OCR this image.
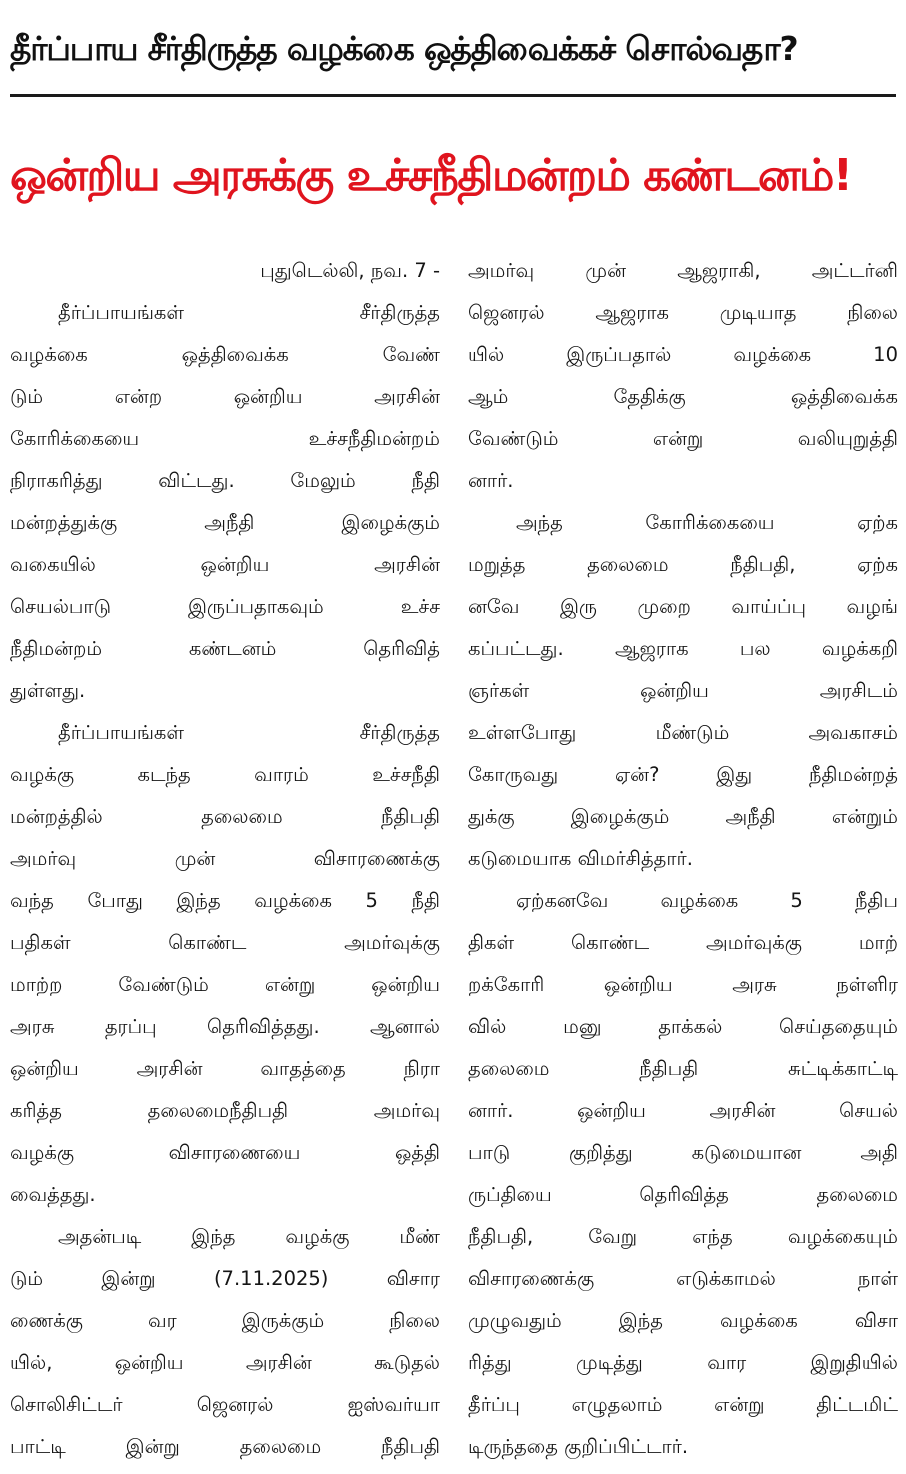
தீர்ப்பாய சீர்திருத்த வழக்கை ஒத்திவைக்கச் சொல்வதா?
ஒன்றிய அரசுக்கு உச்சநீதிமன்றம் கண்டனம்!
புதுடெல்லி, நவ. 7 -
தீர்ப்பாயங்கள் சீர்திருத்த
வழக்கை ஒத்திவைக்க வேண்
டும் என்ற ஒன்றிய அரசின்
கோரிக்கையை உச்சநீதிமன்றம்
நிராகரித்து விட்டது. மேலும் நீதி
மன்றத்துக்கு அநீதி இழைக்கும்
வகையில் ஒன்றிய அரசின்
செயல்பாடு இருப்பதாகவும் உச்ச
நீதிமன்றம் கண்டனம் தெரிவித்
துள்ளது.
தீர்ப்பாயங்கள் சீர்திருத்த
வழக்கு கடந்த வாரம் உச்சநீதி
மன்றத்தில் தலைமை நீதிபதி
அமர்வு முன் விசாரணைக்கு
வந்த போது இந்த வழக்கை 5 நீதி
பதிகள் கொண்ட அமர்வுக்கு
மாற்ற வேண்டும் என்று ஒன்றிய
அரசு தரப்பு தெரிவித்தது. ஆனால்
ஒன்றிய அரசின் வாதத்தை நிரா
கரித்த தலைமைநீதிபதி அமர்வு
வழக்கு விசாரணையை ஒத்தி
வைத்தது.
அதன்படி இந்த வழக்கு மீண்
டும் இன்று (7.11.2025) விசார
ணைக்கு வர இருக்கும் நிலை
யில், ஒன்றிய அரசின் கூடுதல்
சொலிசிட்டர் ஜெனரல் ஐஸ்வர்யா
பாட்டி இன்று தலைமை நீதிபதி
அமர்வு முன் ஆஜராகி, அட்டர்னி
ஜெனரல் ஆஜராக முடியாத நிலை
யில் இருப்பதால் வழக்கை 10
ஆம் தேதிக்கு ஒத்திவைக்க
வேண்டும் என்று வலியுறுத்தி
னார்.
அந்த கோரிக்கையை ஏற்க
மறுத்த தலைமை நீதிபதி, ஏற்க
னவே இரு முறை வாய்ப்பு வழங்
கப்பட்டது. ஆஜராக பல வழக்கறி
ஞர்கள் ஒன்றிய அரசிடம்
உள்ளபோது மீண்டும் அவகாசம்
கோருவது ஏன்? இது நீதிமன்றத்
துக்கு இழைக்கும் அநீதி என்றும்
கடுமையாக விமர்சித்தார்.
ஏற்கனவே வழக்கை 5 நீதிப
திகள் கொண்ட அமர்வுக்கு மாற்
றக்கோரி ஒன்றிய அரசு நள்ளிர
வில் மனு தாக்கல் செய்ததையும்
தலைமை நீதிபதி சுட்டிக்காட்டி
னார். ஒன்றிய அரசின் செயல்
பாடு குறித்து கடுமையான அதி
ருப்தியை தெரிவித்த தலைமை
நீதிபதி, வேறு எந்த வழக்கையும்
விசாரணைக்கு எடுக்காமல் நாள்
முழுவதும் இந்த வழக்கை விசா
ரித்து முடித்து வார இறுதியில்
தீர்ப்பு எழுதலாம் என்று திட்டமிட்
டிருந்ததை குறிப்பிட்டார்.
